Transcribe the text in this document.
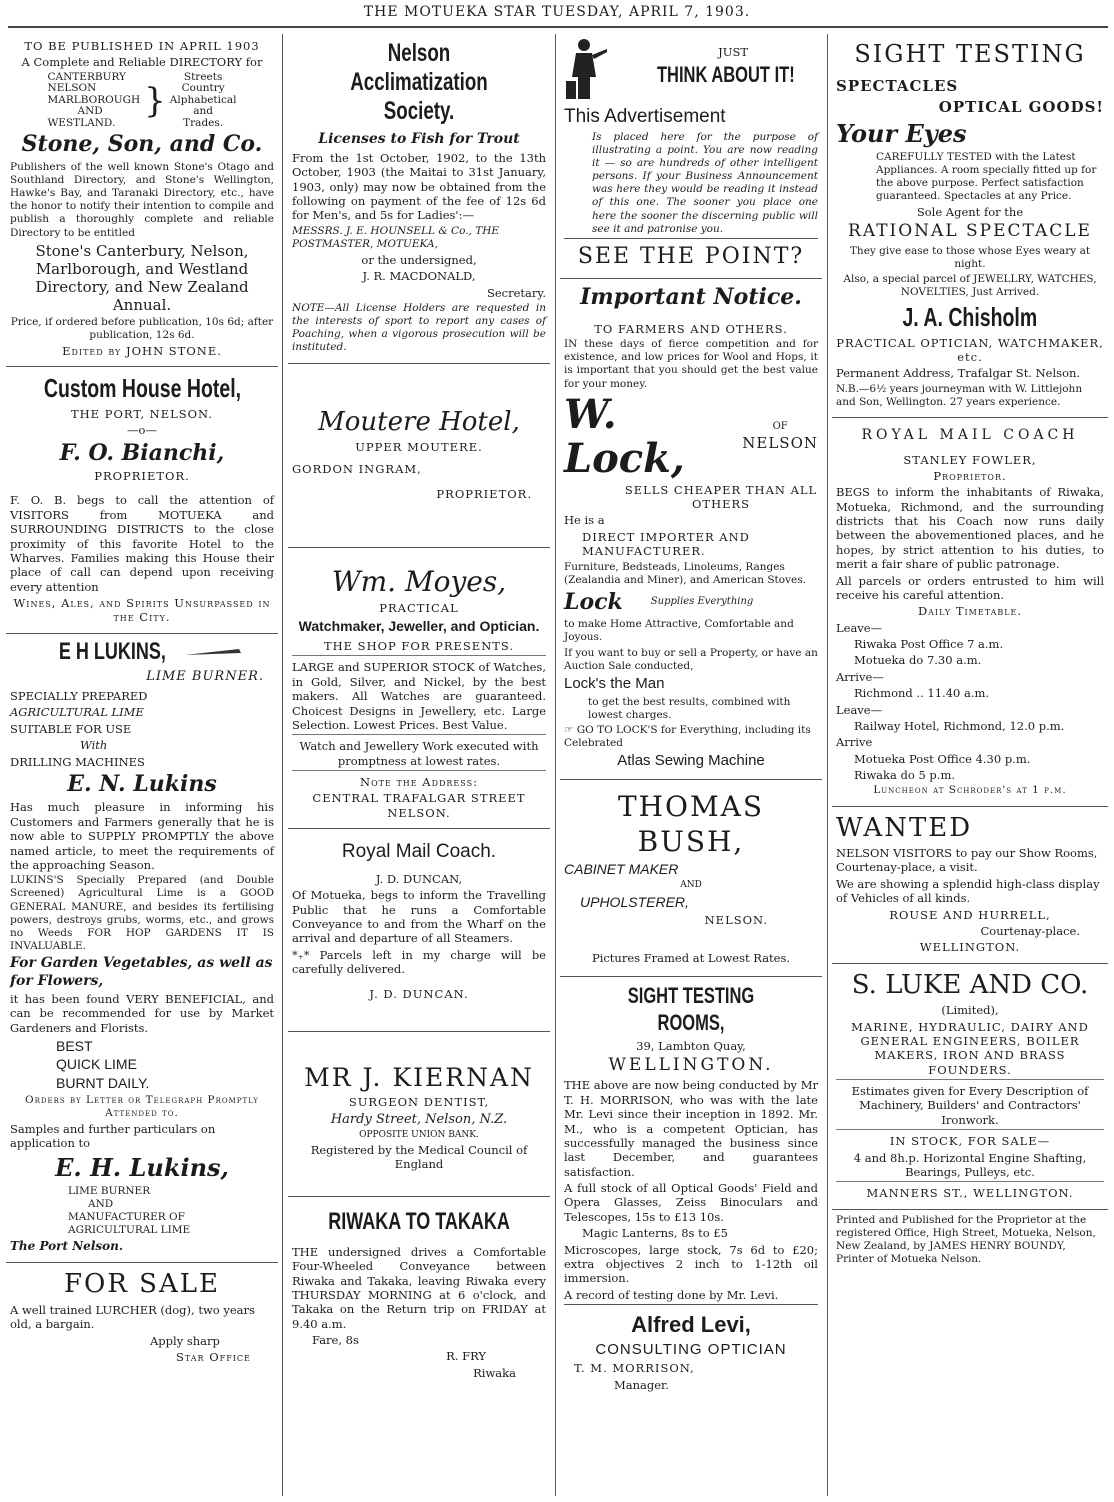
THE MOTUEKA STAR TUESDAY, APRIL 7, 1903.

TO BE PUBLISHED IN APRIL 1903

A Complete and Reliable DIRECTORY for

CANTERBURY
NELSON
MARLBOROUGH
AND
WESTLAND.
}
Streets
Country
Alphabetical
and
Trades.

Stone, Son, and Co.

Publishers of the well known Stone's Otago and Southland Directory, and Stone's Wellington, Hawke's Bay, and Taranaki Directory, etc., have the honor to notify their intention to compile and publish a thoroughly complete and reliable Directory to be entitled

Stone's Canterbury, Nelson, Marlborough, and Westland Directory, and New Zealand Annual.

Price, if ordered before publication, 10s 6d; after publication, 12s 6d.

Edited by JOHN STONE.

Custom House Hotel,

THE PORT, NELSON.

—o—

F. O. Bianchi,

PROPRIETOR.

F. O. B. begs to call the attention of VISITORS from MOTUEKA and SURROUNDING DISTRICTS to the close proximity of this favorite Hotel to the Wharves. Families making this House their place of call can depend upon receiving every attention

Wines, Ales, and Spirits Unsurpassed in the City.

E H LUKINS,

LIME BURNER.

SPECIALLY PREPARED

AGRICULTURAL LIME

SUITABLE FOR USE

With

DRILLING MACHINES

E. N. Lukins

Has much pleasure in informing his Customers and Farmers generally that he is now able to SUPPLY PROMPTLY the above named article, to meet the requirements of the approaching Season.

LUKINS'S Specially Prepared (and Double Screened) Agricultural Lime is a GOOD GENERAL MANURE, and besides its fertilising powers, destroys grubs, worms, etc., and grows no Weeds FOR HOP GARDENS IT IS INVALUABLE.

For Garden Vegetables, as well as for Flowers,

it has been found VERY BENEFICIAL, and can be recommended for use by Market Gardeners and Florists.

BEST
QUICK LIME
BURNT DAILY.

Orders by Letter or Telegraph Promptly Attended to.

Samples and further particulars on application to

E. H. Lukins,

LIME BURNER
AND
MANUFACTURER OF
AGRICULTURAL LIME

The Port Nelson.

FOR SALE

A well trained LURCHER (dog), two years old, a bargain.

Apply sharp

Star Office

Nelson Acclimatization Society.

Licenses to Fish for Trout

From the 1st October, 1902, to the 13th October, 1903 (the Maitai to 31st January, 1903, only) may now be obtained from the following on payment of the fee of 12s 6d for Men's, and 5s for Ladies':—

MESSRS. J. E. HOUNSELL & Co., THE POSTMASTER, MOTUEKA,

or the undersigned,

J. R. MACDONALD,

Secretary.

NOTE—All License Holders are requested in the interests of sport to report any cases of Poaching, when a vigorous prosecution will be instituted.

Moutere Hotel,

UPPER MOUTERE.

GORDON INGRAM,

PROPRIETOR.

Wm. Moyes,

PRACTICAL

Watchmaker, Jeweller, and Optician.

THE SHOP FOR PRESENTS.

LARGE and SUPERIOR STOCK of Watches, in Gold, Silver, and Nickel, by the best makers. All Watches are guaranteed. Choicest Designs in Jewellery, etc. Large Selection. Lowest Prices. Best Value.

Watch and Jewellery Work executed with promptness at lowest rates.

Note the Address:

CENTRAL TRAFALGAR STREET NELSON.

Royal Mail Coach.

J. D. DUNCAN,

Of Motueka, begs to inform the Travelling Public that he runs a Comfortable Conveyance to and from the Wharf on the arrival and departure of all Steamers.

*₊* Parcels left in my charge will be carefully delivered.

J. D. DUNCAN.

MR J. KIERNAN

SURGEON DENTIST,

Hardy Street, Nelson, N.Z.

OPPOSITE UNION BANK.

Registered by the Medical Council of England

RIWAKA TO TAKAKA

THE undersigned drives a Comfortable Four-Wheeled Conveyance between Riwaka and Takaka, leaving Riwaka every THURSDAY MORNING at 6 o'clock, and Takaka on the Return trip on FRIDAY at 9.40 a.m.

Fare, 8s

R. FRY

Riwaka

JUST

THINK ABOUT IT!

This Advertisement

Is placed here for the purpose of illustrating a point. You are now reading it — so are hundreds of other intelligent persons. If your Business Announcement was here they would be reading it instead of this one. The sooner you place one here the sooner the discerning public will see it and patronise you.

SEE THE POINT?

Important Notice.

TO FARMERS AND OTHERS.

IN these days of fierce competition and for existence, and low prices for Wool and Hops, it is important that you should get the best value for your money.

W. Lock,
OF
NELSON

SELLS CHEAPER THAN ALL OTHERS

He is a

DIRECT IMPORTER AND MANUFACTURER.

Furniture, Bedsteads, Linoleums, Ranges (Zealandia and Miner), and American Stoves.

Lock	Supplies Everything

to make Home Attractive, Comfortable and Joyous.

If you want to buy or sell a Property, or have an Auction Sale conducted,

Lock's the Man

to get the best results, combined with lowest charges.

☞ GO TO LOCK'S for Everything, including its Celebrated

Atlas Sewing Machine

THOMAS BUSH,

CABINET MAKER

AND

UPHOLSTERER,

NELSON.

Pictures Framed at Lowest Rates.

SIGHT TESTING ROOMS,

39, Lambton Quay,

WELLINGTON.

THE above are now being conducted by Mr T. H. MORRISON, who was with the late Mr. Levi since their inception in 1892. Mr. M., who is a competent Optician, has successfully managed the business since last December, and guarantees satisfaction.

A full stock of all Optical Goods' Field and Opera Glasses, Zeiss Binoculars and Telescopes, 15s to £13 10s.

Magic Lanterns, 8s to £5

Microscopes, large stock, 7s 6d to £20; extra objectives 2 inch to 1-12th oil immersion.

A record of testing done by Mr. Levi.

Alfred Levi,

CONSULTING OPTICIAN

T. M. MORRISON,

Manager.

SIGHT TESTING

SPECTACLES

OPTICAL GOODS!

Your Eyes

CAREFULLY TESTED with the Latest Appliances. A room specially fitted up for the above purpose. Perfect satisfaction guaranteed. Spectacles at any Price.

Sole Agent for the

RATIONAL SPECTACLE

They give ease to those whose Eyes weary at night.

Also, a special parcel of JEWELLRY, WATCHES, NOVELTIES, Just Arrived.

J. A. Chisholm

PRACTICAL OPTICIAN, WATCHMAKER, etc.

Permanent Address, Trafalgar St. Nelson.

N.B.—6½ years journeyman with W. Littlejohn and Son, Wellington. 27 years experience.

ROYAL MAIL COACH

STANLEY FOWLER,

Proprietor.

BEGS to inform the inhabitants of Riwaka, Motueka, Richmond, and the surrounding districts that his Coach now runs daily between the abovementioned places, and he hopes, by strict attention to his duties, to merit a fair share of public patronage.

All parcels or orders entrusted to him will receive his careful attention.

Daily Timetable.

Leave—

Riwaka Post Office 7 a.m.

Motueka do 7.30 a.m.

Arrive—

Richmond .. 11.40 a.m.

Leave—

Railway Hotel, Richmond, 12.0 p.m.

Arrive

Motueka Post Office 4.30 p.m.

Riwaka do 5 p.m.

Luncheon at Schroder's at 1 p.m.

WANTED

NELSON VISITORS to pay our Show Rooms, Courtenay-place, a visit.

We are showing a splendid high-class display of Vehicles of all kinds.

ROUSE AND HURRELL,

Courtenay-place.

WELLINGTON.

S. LUKE AND CO.

(Limited),

MARINE, HYDRAULIC, DAIRY AND GENERAL ENGINEERS, BOILER MAKERS, IRON AND BRASS FOUNDERS.

Estimates given for Every Description of Machinery, Builders' and Contractors' Ironwork.

IN STOCK, FOR SALE—

4 and 8h.p. Horizontal Engine Shafting, Bearings, Pulleys, etc.

MANNERS ST., WELLINGTON.

Printed and Published for the Proprietor at the registered Office, High Street, Motueka, Nelson, New Zealand, by JAMES HENRY BOUNDY, Printer of Motueka Nelson.
